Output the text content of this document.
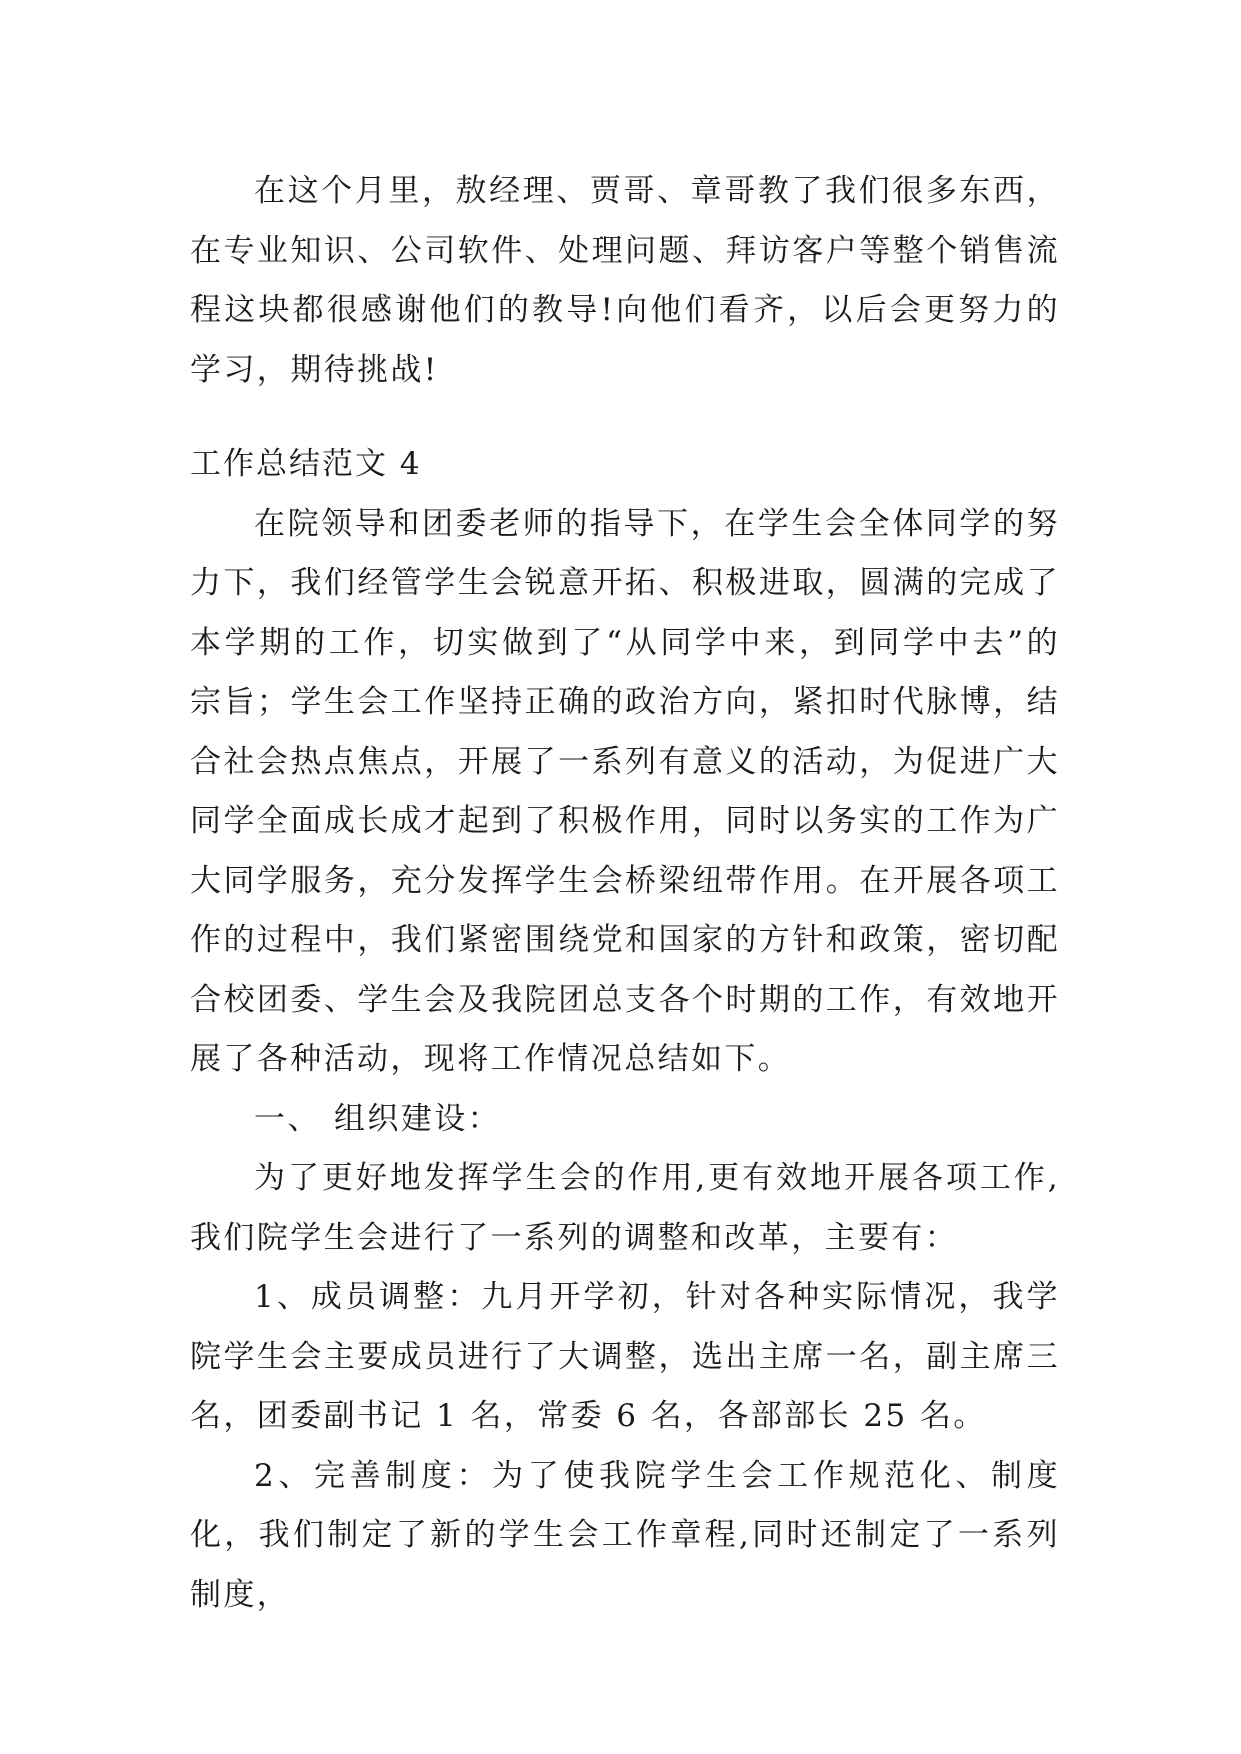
在这个月里，敖经理、贾哥、章哥教了我们很多东西，在专业知识、公司软件、处理问题、拜访客户等整个销售流程这块都很感谢他们的教导!向他们看齐，以后会更努力的学习，期待挑战!

工作总结范文 4

在院领导和团委老师的指导下，在学生会全体同学的努力下，我们经管学生会锐意开拓、积极进取，圆满的完成了本学期的工作，切实做到了“从同学中来，到同学中去”的宗旨；学生会工作坚持正确的政治方向，紧扣时代脉博，结合社会热点焦点，开展了一系列有意义的活动，为促进广大同学全面成长成才起到了积极作用，同时以务实的工作为广大同学服务，充分发挥学生会桥梁纽带作用。在开展各项工作的过程中，我们紧密围绕党和国家的方针和政策，密切配合校团委、学生会及我院团总支各个时期的工作，有效地开展了各种活动，现将工作情况总结如下。

一、 组织建设：

为了更好地发挥学生会的作用,更有效地开展各项工作,我们院学生会进行了一系列的调整和改革，主要有：

1、成员调整：九月开学初，针对各种实际情况，我学院学生会主要成员进行了大调整，选出主席一名，副主席三名，团委副书记 1 名，常委 6 名，各部部长 25 名。

2、完善制度：为了使我院学生会工作规范化、制度化，我们制定了新的学生会工作章程,同时还制定了一系列制度，
